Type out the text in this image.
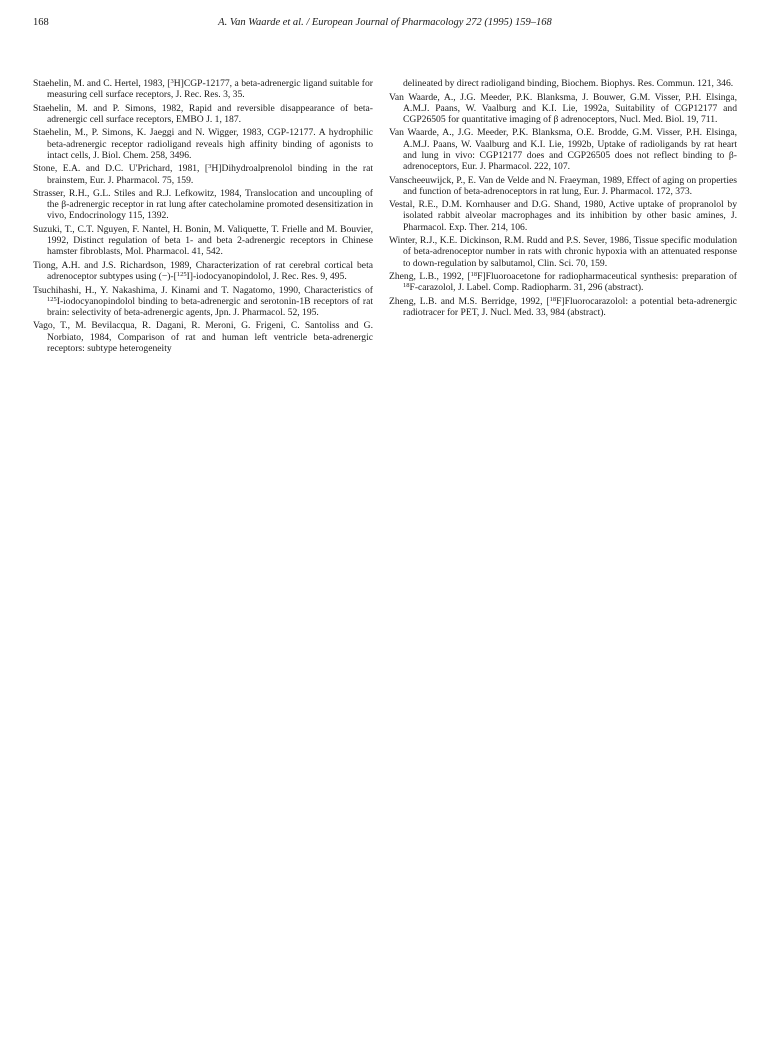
168	A. Van Waarde et al. / European Journal of Pharmacology 272 (1995) 159–168

Staehelin, M. and C. Hertel, 1983, [$^3$H]CGP-12177, a beta-adrenergic ligand suitable for measuring cell surface receptors, J. Rec. Res. 3, 35.

Staehelin, M. and P. Simons, 1982, Rapid and reversible disappearance of beta-adrenergic cell surface receptors, EMBO J. 1, 187.

Staehelin, M., P. Simons, K. Jaeggi and N. Wigger, 1983, CGP-12177. A hydrophilic beta-adrenergic receptor radioligand reveals high affinity binding of agonists to intact cells, J. Biol. Chem. 258, 3496.

Stone, E.A. and D.C. U'Prichard, 1981, [$^3$H]Dihydroalprenolol binding in the rat brainstem, Eur. J. Pharmacol. 75, 159.

Strasser, R.H., G.L. Stiles and R.J. Lefkowitz, 1984, Translocation and uncoupling of the β-adrenergic receptor in rat lung after catecholamine promoted desensitization in vivo, Endocrinology 115, 1392.

Suzuki, T., C.T. Nguyen, F. Nantel, H. Bonin, M. Valiquette, T. Frielle and M. Bouvier, 1992, Distinct regulation of beta 1- and beta 2-adrenergic receptors in Chinese hamster fibroblasts, Mol. Pharmacol. 41, 542.

Tiong, A.H. and J.S. Richardson, 1989, Characterization of rat cerebral cortical beta adrenoceptor subtypes using (−)-[$^{125}$I]-iodocyanopindolol, J. Rec. Res. 9, 495.

Tsuchihashi, H., Y. Nakashima, J. Kinami and T. Nagatomo, 1990, Characteristics of $^{125}$I-iodocyanopindolol binding to beta-adrenergic and serotonin-1B receptors of rat brain: selectivity of beta-adrenergic agents, Jpn. J. Pharmacol. 52, 195.

Vago, T., M. Bevilacqua, R. Dagani, R. Meroni, G. Frigeni, C. Santoliss and G. Norbiato, 1984, Comparison of rat and human left ventricle beta-adrenergic receptors: subtype heterogeneity

delineated by direct radioligand binding, Biochem. Biophys. Res. Commun. 121, 346.

Van Waarde, A., J.G. Meeder, P.K. Blanksma, J. Bouwer, G.M. Visser, P.H. Elsinga, A.M.J. Paans, W. Vaalburg and K.I. Lie, 1992a, Suitability of CGP12177 and CGP26505 for quantitative imaging of β adrenoceptors, Nucl. Med. Biol. 19, 711.

Van Waarde, A., J.G. Meeder, P.K. Blanksma, O.E. Brodde, G.M. Visser, P.H. Elsinga, A.M.J. Paans, W. Vaalburg and K.I. Lie, 1992b, Uptake of radioligands by rat heart and lung in vivo: CGP12177 does and CGP26505 does not reflect binding to β-adrenoceptors, Eur. J. Pharmacol. 222, 107.

Vanscheeuwijck, P., E. Van de Velde and N. Fraeyman, 1989, Effect of aging on properties and function of beta-adrenoceptors in rat lung, Eur. J. Pharmacol. 172, 373.

Vestal, R.E., D.M. Kornhauser and D.G. Shand, 1980, Active uptake of propranolol by isolated rabbit alveolar macrophages and its inhibition by other basic amines, J. Pharmacol. Exp. Ther. 214, 106.

Winter, R.J., K.E. Dickinson, R.M. Rudd and P.S. Sever, 1986, Tissue specific modulation of beta-adrenoceptor number in rats with chronic hypoxia with an attenuated response to down-regulation by salbutamol, Clin. Sci. 70, 159.

Zheng, L.B., 1992, [$^{18}$F]Fluoroacetone for radiopharmaceutical synthesis: preparation of $^{18}$F-carazolol, J. Label. Comp. Radiopharm. 31, 296 (abstract).

Zheng, L.B. and M.S. Berridge, 1992, [$^{18}$F]Fluorocarazolol: a potential beta-adrenergic radiotracer for PET, J. Nucl. Med. 33, 984 (abstract).
